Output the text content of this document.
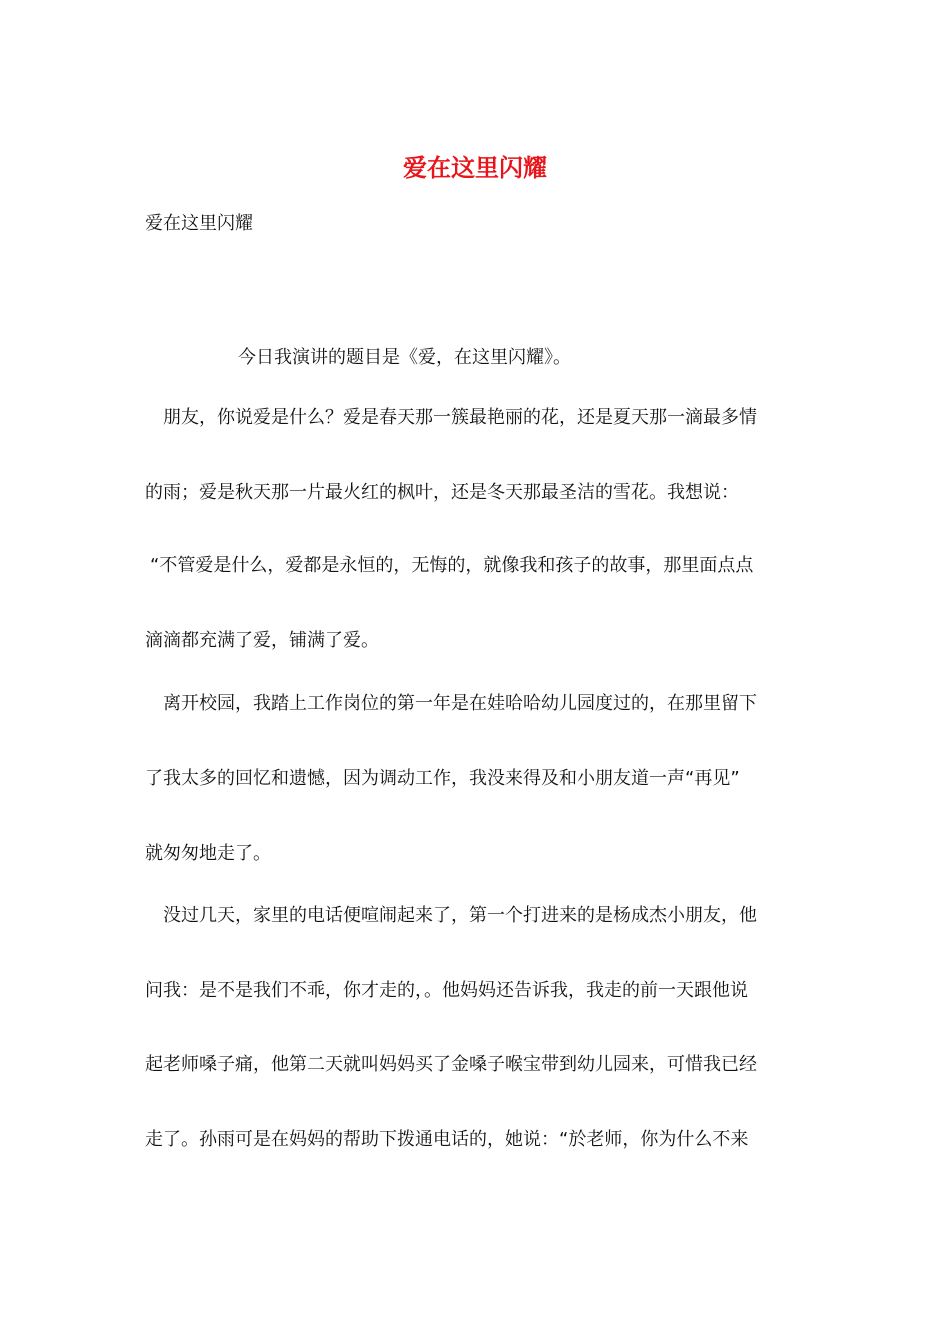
爱在这里闪耀

爱在这里闪耀

今日我演讲的题目是《爱，在这里闪耀》。

朋友，你说爱是什么？爱是春天那一簇最艳丽的花，还是夏天那一滴最多情

的雨；爱是秋天那一片最火红的枫叶，还是冬天那最圣洁的雪花。我想说：

“不管爱是什么，爱都是永恒的，无悔的，就像我和孩子的故事，那里面点点

滴滴都充满了爱，铺满了爱。

离开校园，我踏上工作岗位的第一年是在娃哈哈幼儿园度过的，在那里留下

了我太多的回忆和遗憾，因为调动工作，我没来得及和小朋友道一声“再见”

就匆匆地走了。

没过几天，家里的电话便喧闹起来了，第一个打进来的是杨成杰小朋友，他

问我：是不是我们不乖，你才走的，。他妈妈还告诉我，我走的前一天跟他说

起老师嗓子痛，他第二天就叫妈妈买了金嗓子喉宝带到幼儿园来，可惜我已经

走了。孙雨可是在妈妈的帮助下拨通电话的，她说：“於老师，你为什么不来
